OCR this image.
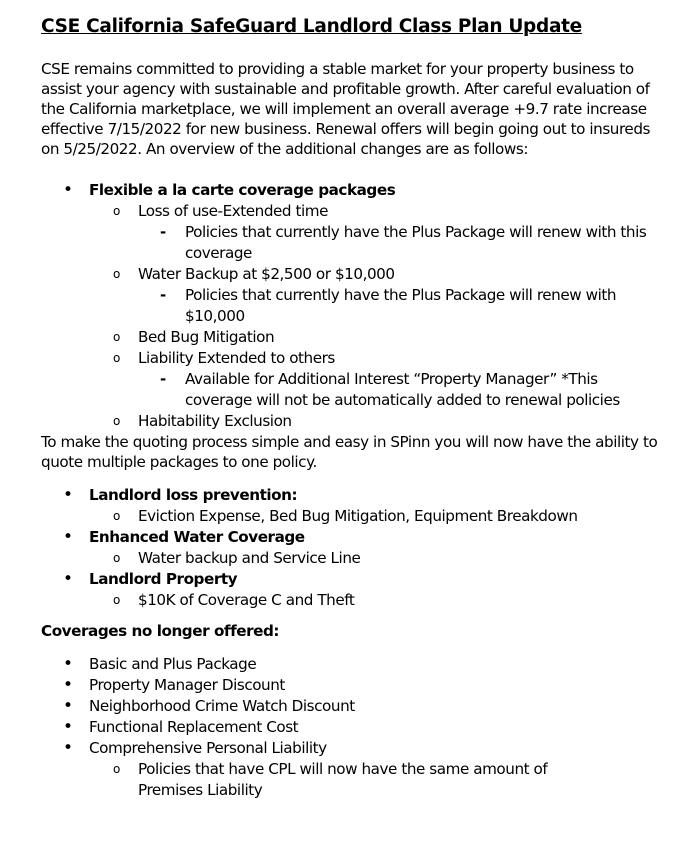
CSE California SafeGuard Landlord Class Plan Update

CSE remains committed to providing a stable market for your property business to assist your agency with sustainable and profitable growth. After careful evaluation of the California marketplace, we will implement an overall average +9.7 rate increase effective 7/15/2022 for new business. Renewal offers will begin going out to insureds on 5/25/2022. An overview of the additional changes are as follows:

• Flexible a la carte coverage packages
o Loss of use-Extended time
- Policies that currently have the Plus Package will renew with this coverage
o Water Backup at $2,500 or $10,000
- Policies that currently have the Plus Package will renew with $10,000
o Bed Bug Mitigation
o Liability Extended to others
- Available for Additional Interest “Property Manager” *This coverage will not be automatically added to renewal policies
o Habitability Exclusion

To make the quoting process simple and easy in SPinn you will now have the ability to quote multiple packages to one policy.

• Landlord loss prevention:
o Eviction Expense, Bed Bug Mitigation, Equipment Breakdown
• Enhanced Water Coverage
o Water backup and Service Line
• Landlord Property
o $10K of Coverage C and Theft
Coverages no longer offered:
• Basic and Plus Package
• Property Manager Discount
• Neighborhood Crime Watch Discount
• Functional Replacement Cost
• Comprehensive Personal Liability
o Policies that have CPL will now have the same amount of Premises Liability
